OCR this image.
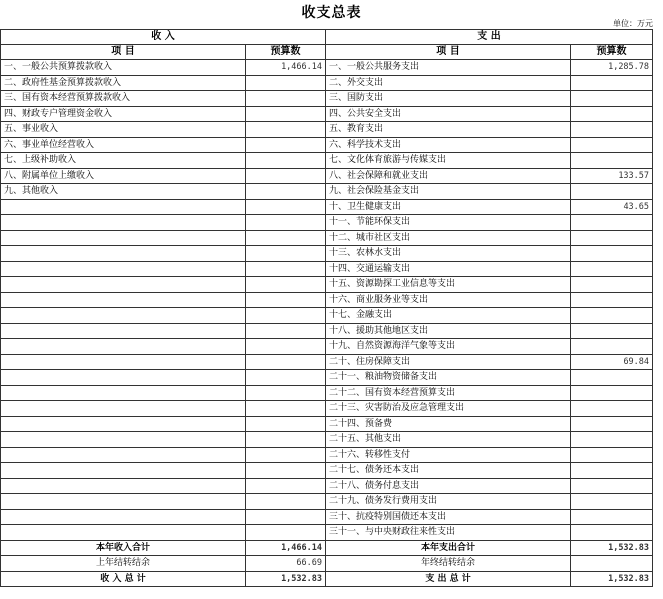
收支总表
单位：万元
收 入		支 出	
项 目	预算数	项 目	预算数
一、一般公共预算拨款收入	1,466.14	一、一般公共服务支出	1,285.78
二、政府性基金预算拨款收入		二、外交支出	
三、国有资本经营预算拨款收入		三、国防支出	
四、财政专户管理资金收入		四、公共安全支出	
五、事业收入		五、教育支出	
六、事业单位经营收入		六、科学技术支出	
七、上级补助收入		七、文化体育旅游与传媒支出	
八、附属单位上缴收入		八、社会保障和就业支出	133.57
九、其他收入		九、社会保险基金支出	
		十、卫生健康支出	43.65
		十一、节能环保支出	
		十二、城市社区支出	
		十三、农林水支出	
		十四、交通运输支出	
		十五、资源勘探工业信息等支出	
		十六、商业服务业等支出	
		十七、金融支出	
		十八、援助其他地区支出	
		十九、自然资源海洋气象等支出	
		二十、住房保障支出	69.84
		二十一、粮油物资储备支出	
		二十二、国有资本经营预算支出	
		二十三、灾害防治及应急管理支出	
		二十四、预备费	
		二十五、其他支出	
		二十六、转移性支付	
		二十七、债务还本支出	
		二十八、债务付息支出	
		二十九、债务发行费用支出	
		三十、抗疫特别国债还本支出	
		三十一、与中央财政往来性支出	
本年收入合计	1,466.14	本年支出合计	1,532.83
上年结转结余	66.69	年终结转结余	
收 入 总 计	1,532.83	支 出 总 计	1,532.83
